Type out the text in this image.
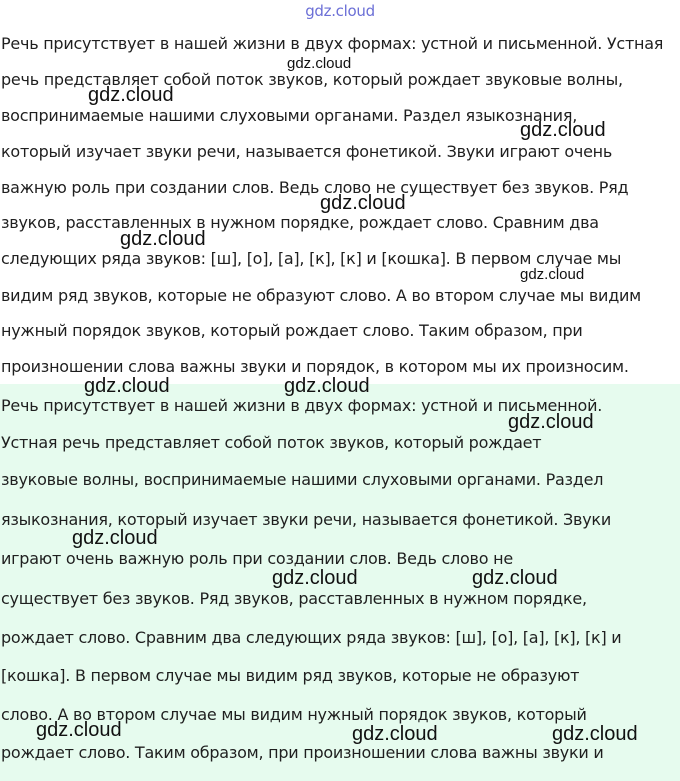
gdz.cloud
Речь присутствует в нашей жизни в двух формах: устной и письменной. Устная
речь представляет собой поток звуков, который рождает звуковые волны,
воспринимаемые нашими слуховыми органами. Раздел языкознания,
который изучает звуки речи, называется фонетикой. Звуки играют очень
важную роль при создании слов. Ведь слово не существует без звуков. Ряд
звуков, расставленных в нужном порядке, рождает слово. Сравним два
следующих ряда звуков: [ш], [о], [а], [к], [к] и [кошка]. В первом случае мы
видим ряд звуков, которые не образуют слово. А во втором случае мы видим
нужный порядок звуков, который рождает слово. Таким образом, при
произношении слова важны звуки и порядок, в котором мы их произносим.
Речь присутствует в нашей жизни в двух формах: устной и письменной.
Устная речь представляет собой поток звуков, который рождает
звуковые волны, воспринимаемые нашими слуховыми органами. Раздел
языкознания, который изучает звуки речи, называется фонетикой. Звуки
играют очень важную роль при создании слов. Ведь слово не
существует без звуков. Ряд звуков, расставленных в нужном порядке,
рождает слово. Сравним два следующих ряда звуков: [ш], [о], [а], [к], [к] и
[кошка]. В первом случае мы видим ряд звуков, которые не образуют
слово. А во втором случае мы видим нужный порядок звуков, который
рождает слово. Таким образом, при произношении слова важны звуки и
gdz.cloud
gdz.cloud
gdz.cloud
gdz.cloud
gdz.cloud
gdz.cloud
gdz.cloud	gdz.cloud
gdz.cloud
gdz.cloud
gdz.cloud	gdz.cloud
gdz.cloud	gdz.cloud	gdz.cloud
